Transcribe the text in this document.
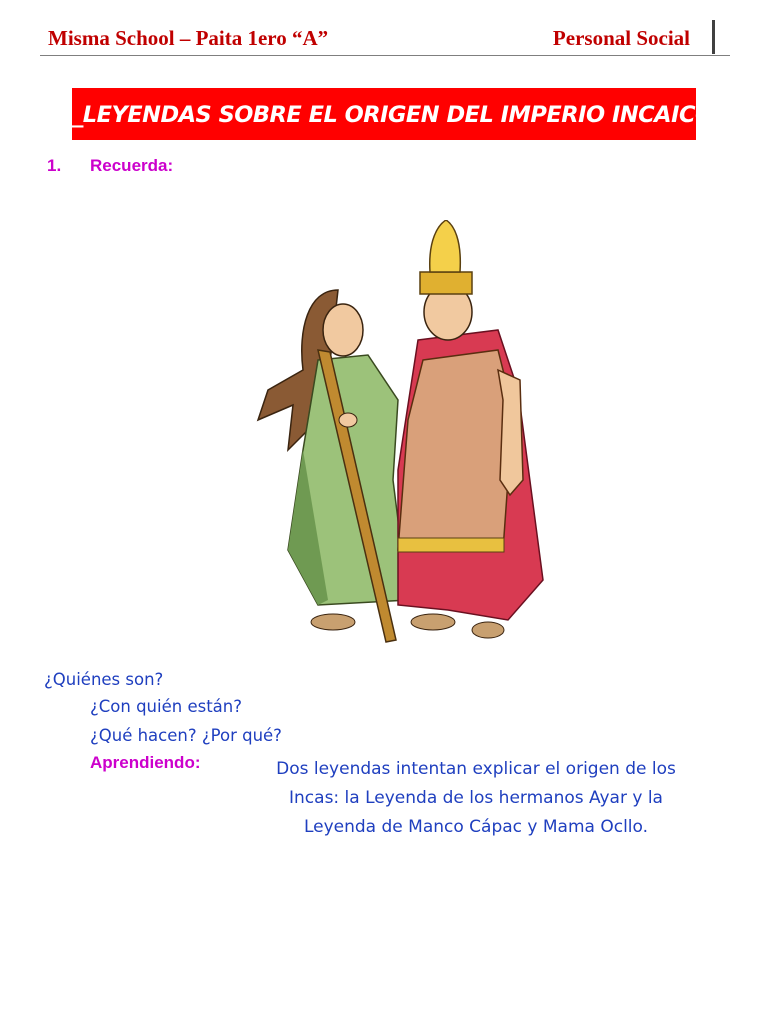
Misma School – Paita 1ero “A”	Personal Social
_LEYENDAS SOBRE EL ORIGEN DEL IMPERIO INCAICO_
1. Recuerda:
¿Quiénes son?
¿Con quién están?
¿Qué hacen? ¿Por qué?
Aprendiendo:	Dos leyendas intentan explicar el origen de los Incas: la Leyenda de los hermanos Ayar y la Leyenda de Manco Cápac y Mama Ocllo.
